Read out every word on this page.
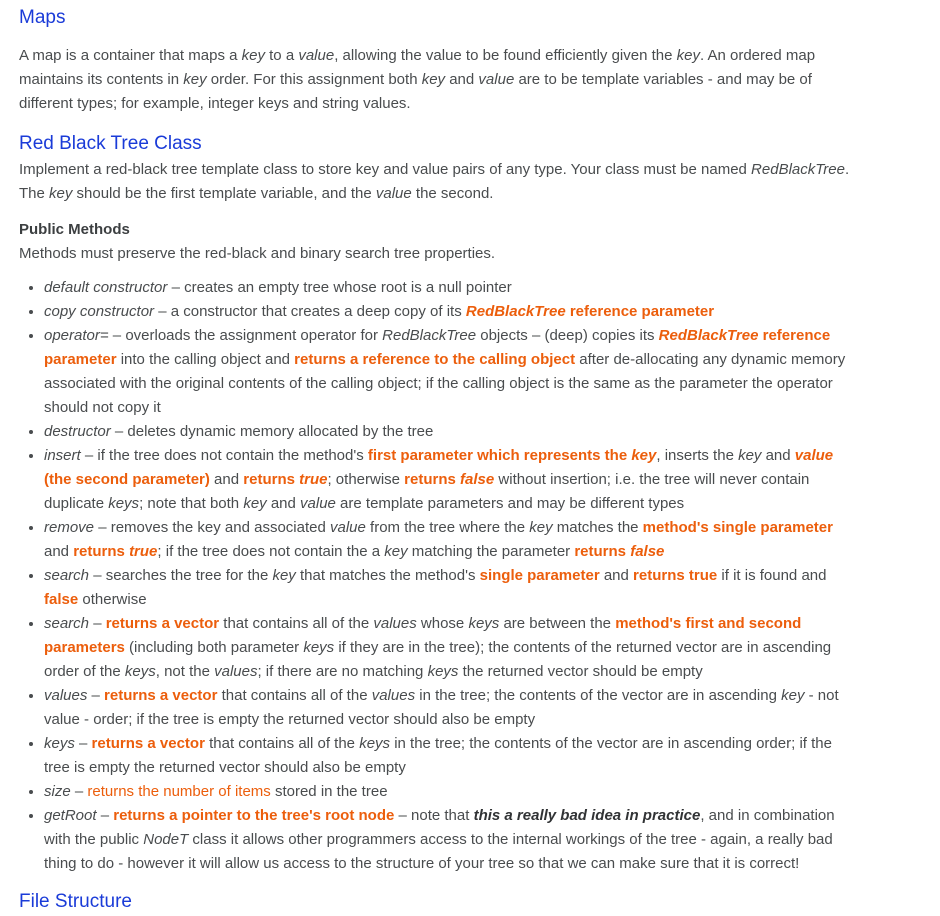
Maps

A map is a container that maps a key to a value, allowing the value to be found efficiently given the key. An ordered map maintains its contents in key order. For this assignment both key and value are to be template variables - and may be of different types; for example, integer keys and string values.

Red Black Tree Class

Implement a red-black tree template class to store key and value pairs of any type. Your class must be named RedBlackTree. The key should be the first template variable, and the value the second.

Public Methods

Methods must preserve the red-black and binary search tree properties.

• default constructor – creates an empty tree whose root is a null pointer
• copy constructor – a constructor that creates a deep copy of its RedBlackTree reference parameter
• operator= – overloads the assignment operator for RedBlackTree objects – (deep) copies its RedBlackTree reference parameter into the calling object and returns a reference to the calling object after de-allocating any dynamic memory associated with the original contents of the calling object; if the calling object is the same as the parameter the operator should not copy it
• destructor – deletes dynamic memory allocated by the tree
• insert – if the tree does not contain the method's first parameter which represents the key, inserts the key and value (the second parameter) and returns true; otherwise returns false without insertion; i.e. the tree will never contain duplicate keys; note that both key and value are template parameters and may be different types
• remove – removes the key and associated value from the tree where the key matches the method's single parameter and returns true; if the tree does not contain the a key matching the parameter returns false
• search – searches the tree for the key that matches the method's single parameter and returns true if it is found and false otherwise
• search – returns a vector that contains all of the values whose keys are between the method's first and second parameters (including both parameter keys if they are in the tree); the contents of the returned vector are in ascending order of the keys, not the values; if there are no matching keys the returned vector should be empty
• values – returns a vector that contains all of the values in the tree; the contents of the vector are in ascending key - not value - order; if the tree is empty the returned vector should also be empty
• keys – returns a vector that contains all of the keys in the tree; the contents of the vector are in ascending order; if the tree is empty the returned vector should also be empty
• size – returns the number of items stored in the tree
• getRoot – returns a pointer to the tree's root node – note that this a really bad idea in practice, and in combination with the public NodeT class it allows other programmers access to the internal workings of the tree - again, a really bad thing to do - however it will allow us access to the structure of your tree so that we can make sure that it is correct!
File Structure
